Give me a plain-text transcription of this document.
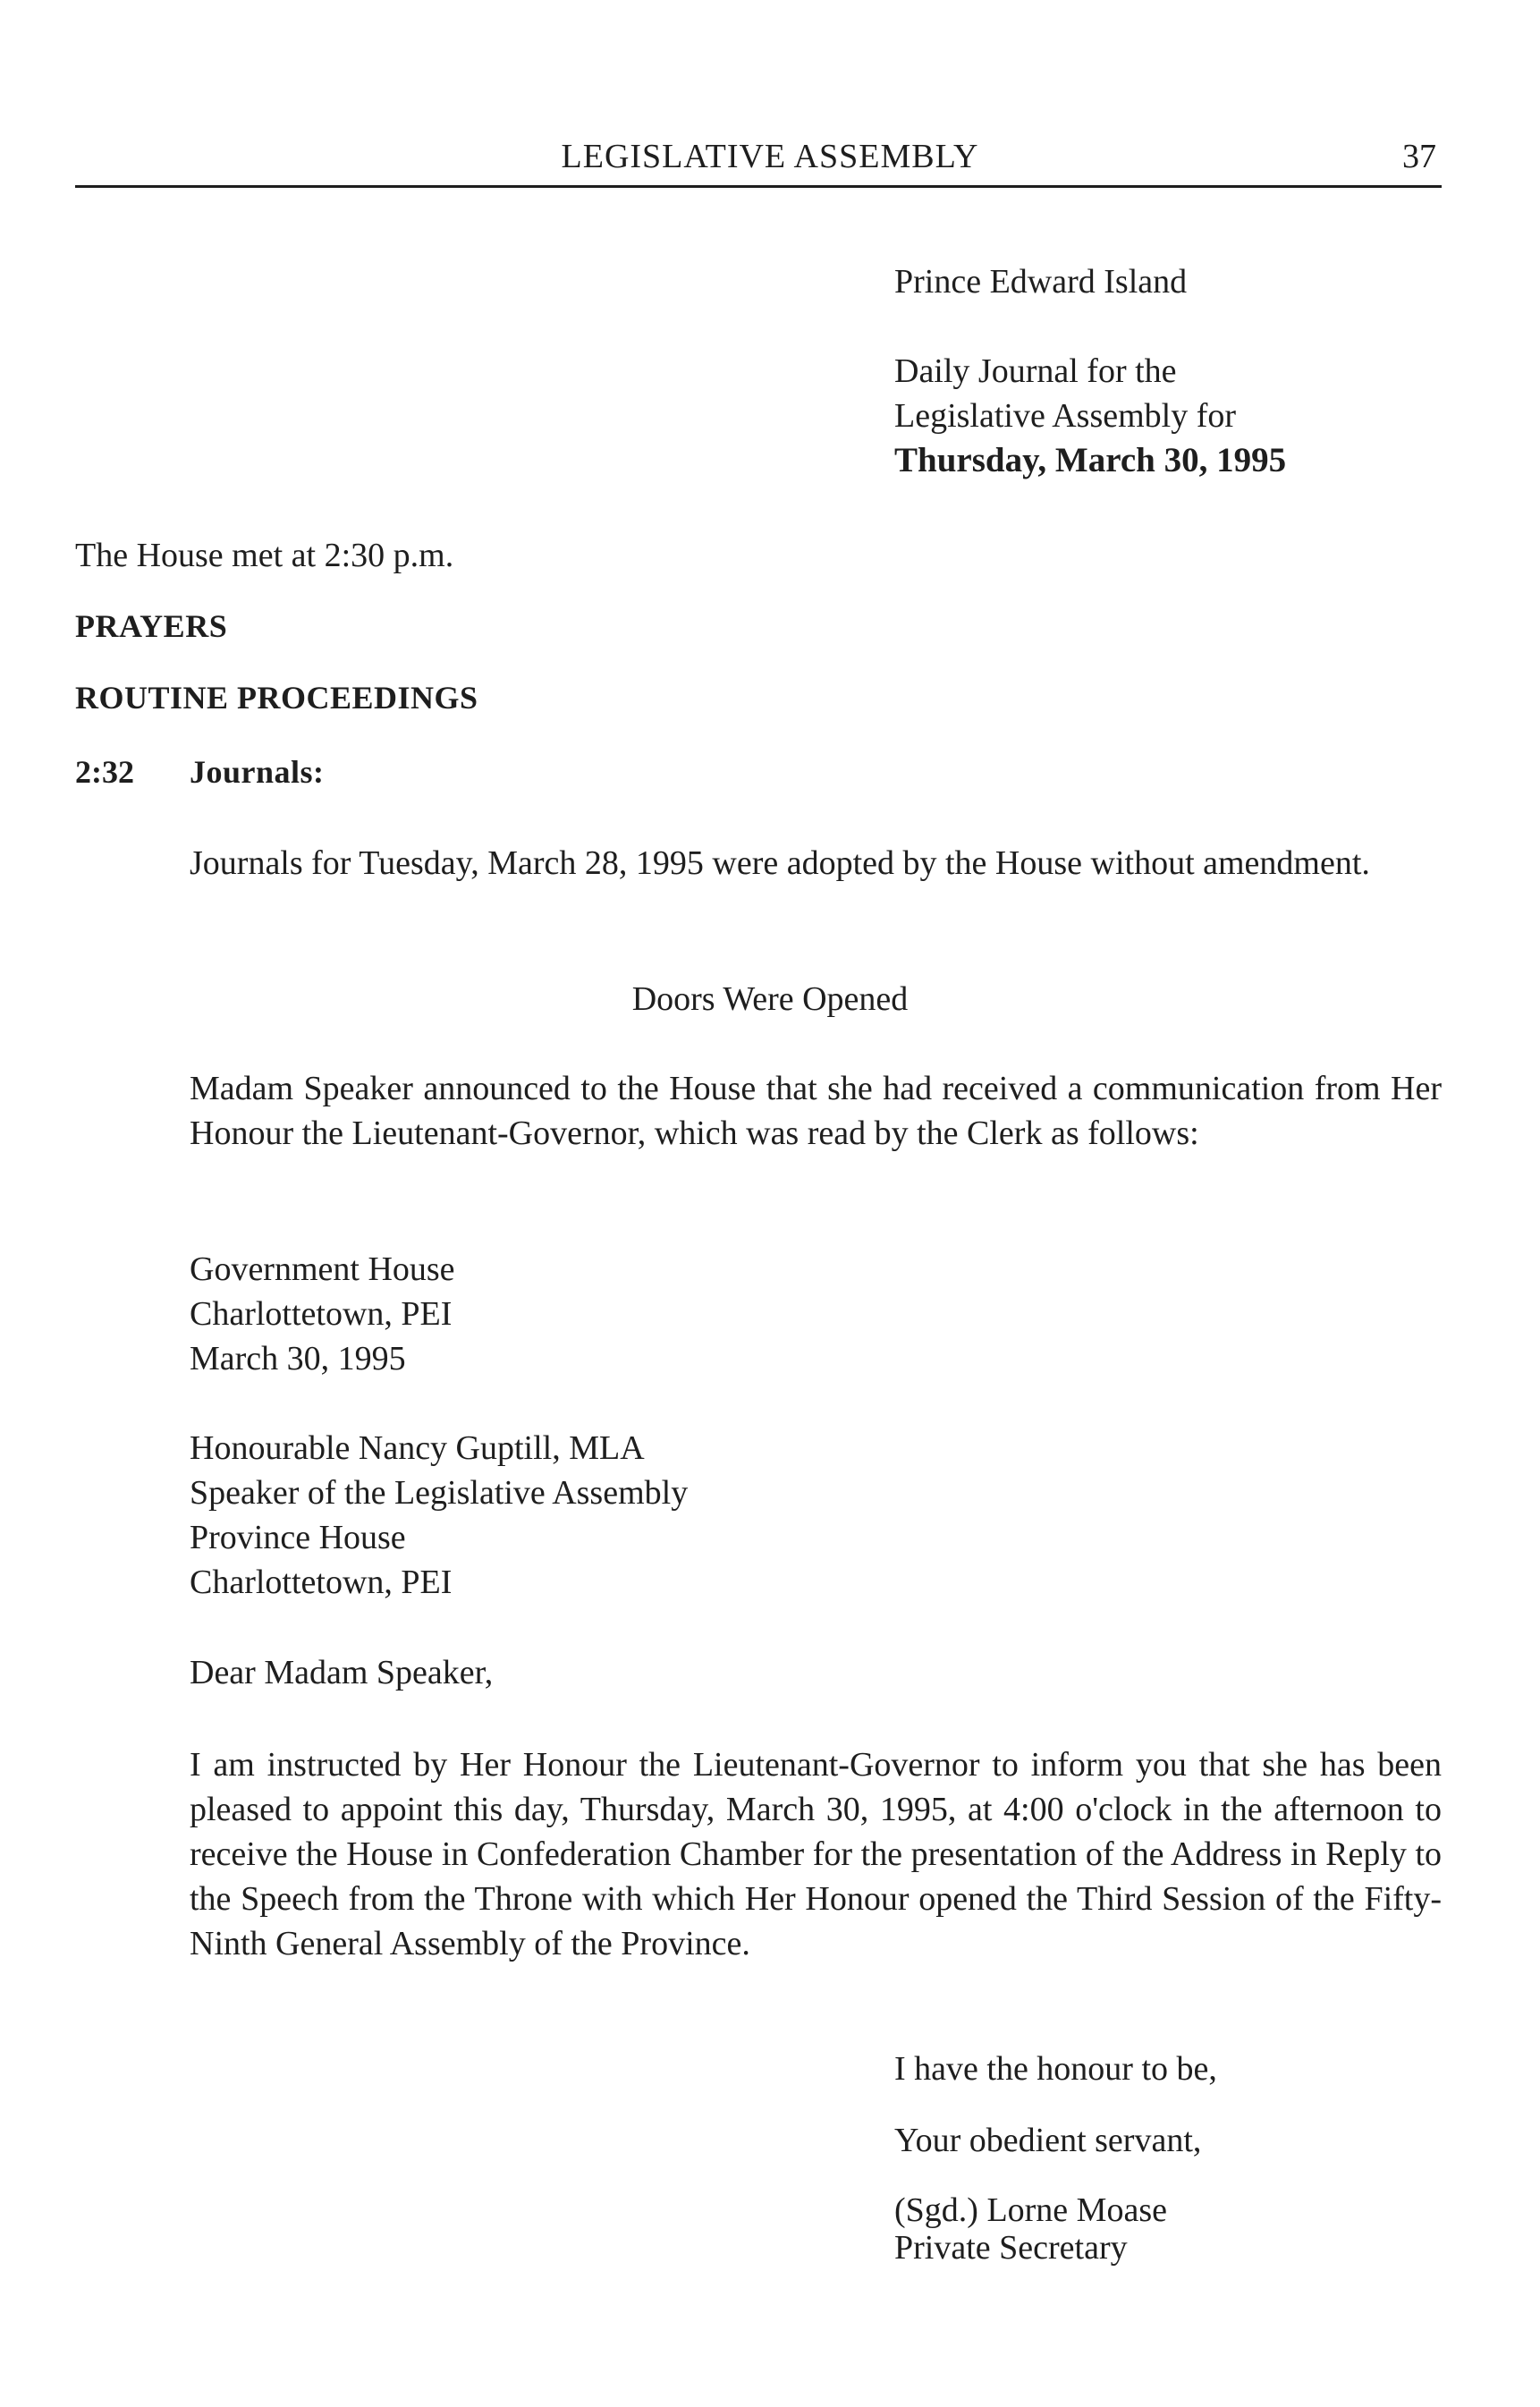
LEGISLATIVE ASSEMBLY	37
Prince Edward Island
Daily Journal for the
Legislative Assembly for
Thursday, March 30, 1995

The House met at 2:30 p.m.

PRAYERS

ROUTINE PROCEEDINGS

2:32 Journals:

Journals for Tuesday, March 28, 1995 were adopted by the House without amendment.

Doors Were Opened

Madam Speaker announced to the House that she had received a communication from Her Honour the Lieutenant-Governor, which was read by the Clerk as follows:

Government House
Charlottetown, PEI
March 30, 1995
Honourable Nancy Guptill, MLA
Speaker of the Legislative Assembly
Province House
Charlottetown, PEI

Dear Madam Speaker,

I am instructed by Her Honour the Lieutenant-Governor to inform you that she has been pleased to appoint this day, Thursday, March 30, 1995, at 4:00 o'clock in the afternoon to receive the House in Confederation Chamber for the presentation of the Address in Reply to the Speech from the Throne with which Her Honour opened the Third Session of the Fifty-Ninth General Assembly of the Province.

I have the honour to be,

Your obedient servant,

(Sgd.) Lorne Moase
Private Secretary
